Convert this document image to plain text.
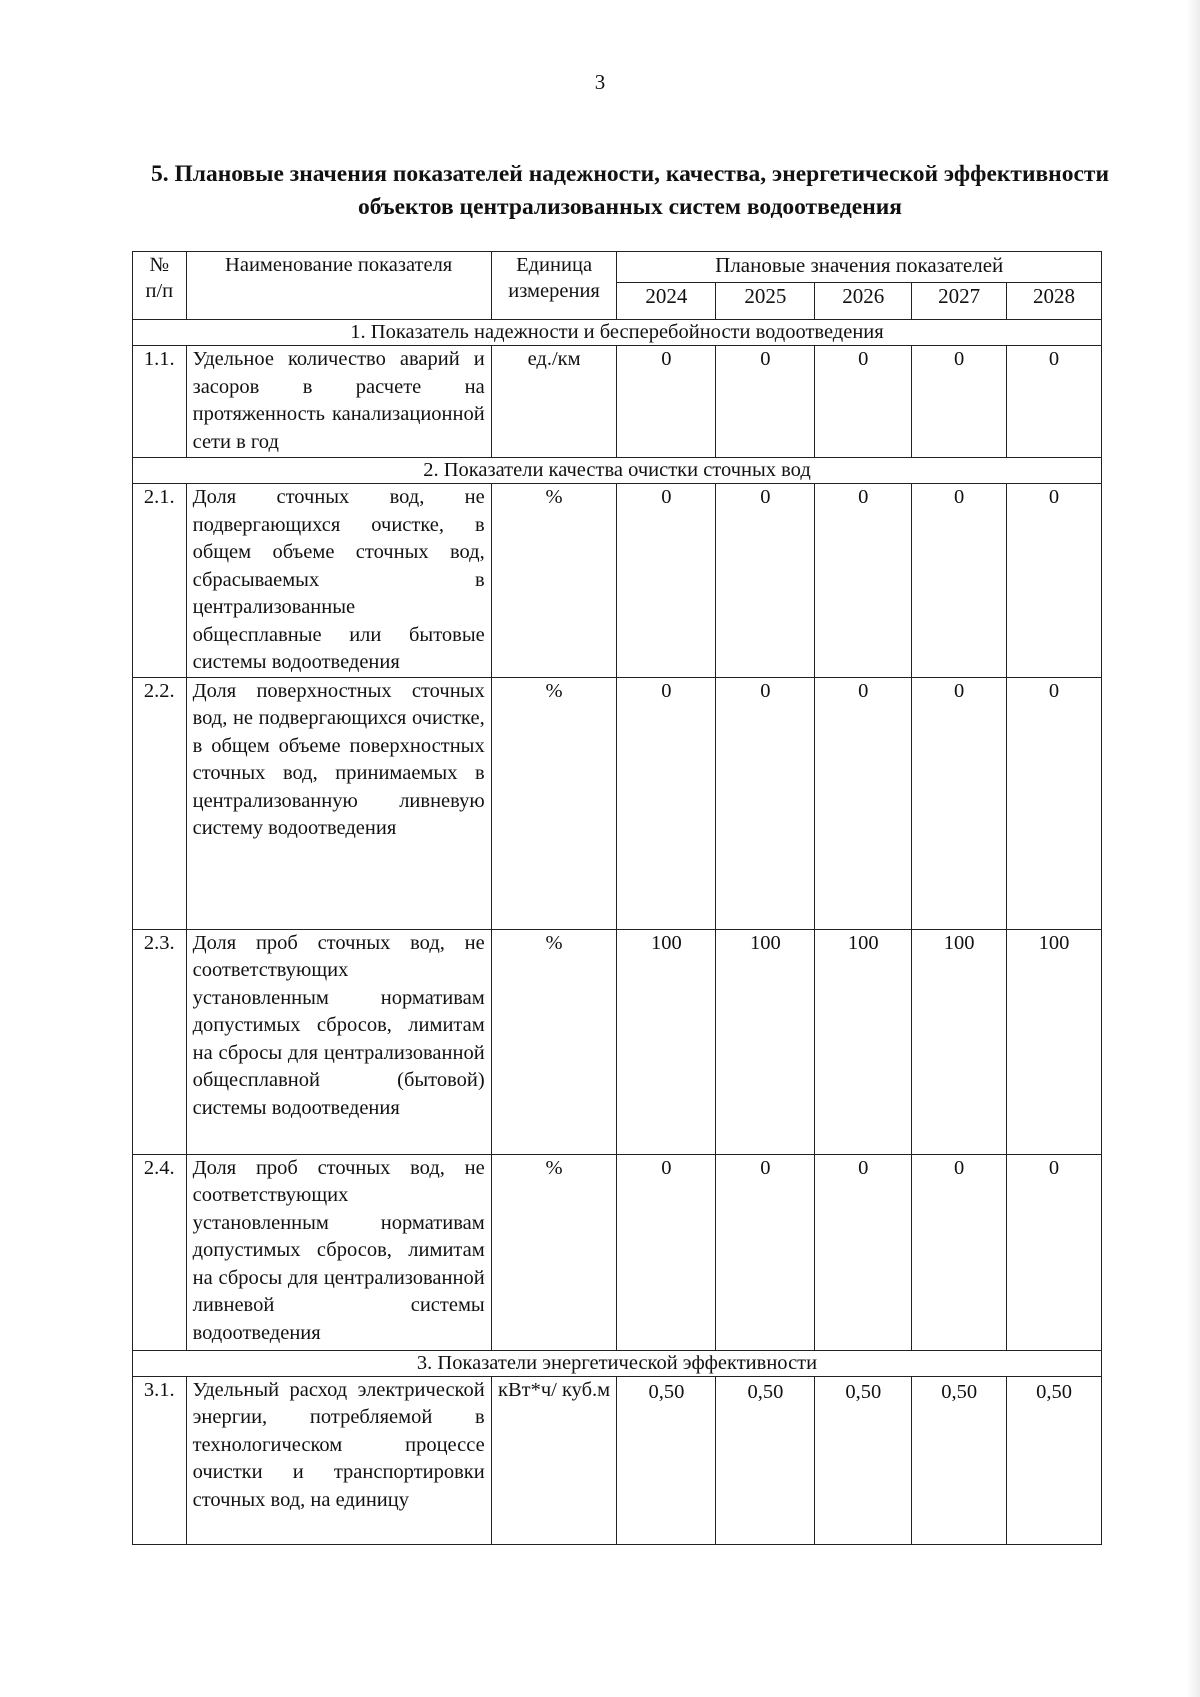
3
5. Плановые значения показателей надежности, качества, энергетической эффективности объектов централизованных систем водоотведения
№ п/п	Наименование показателя	Единица измерения	Плановые значения показателей				
			2024	2025	2026	2027	2028
1. Показатель надежности и бесперебойности водоотведения							
1.1.	Удельное количество аварий и засоров в расчете на протяженность канализационной сети в год	ед./км	0	0	0	0	0
2. Показатели качества очистки сточных вод							
2.1.	Доля сточных вод, не подвергающихся очистке, в общем объеме сточных вод, сбрасываемых в централизованные общесплавные или бытовые системы водоотведения	%	0	0	0	0	0
2.2.	Доля поверхностных сточных вод, не подвергающихся очистке, в общем объеме поверхностных сточных вод, принимаемых в централизованную ливневую систему водоотведения	%	0	0	0	0	0
2.3.	Доля проб сточных вод, не соответствующих установленным нормативам допустимых сбросов, лимитам на сбросы для централизованной общесплавной (бытовой) системы водоотведения	%	100	100	100	100	100
2.4.	Доля проб сточных вод, не соответствующих установленным нормативам допустимых сбросов, лимитам на сбросы для централизованной ливневой системы водоотведения	%	0	0	0	0	0
3. Показатели энергетической эффективности							
3.1.	Удельный расход электрической энергии, потребляемой в технологическом процессе очистки и транспортировки сточных вод, на единицу	кВт*ч/ куб.м	0,50	0,50	0,50	0,50	0,50
